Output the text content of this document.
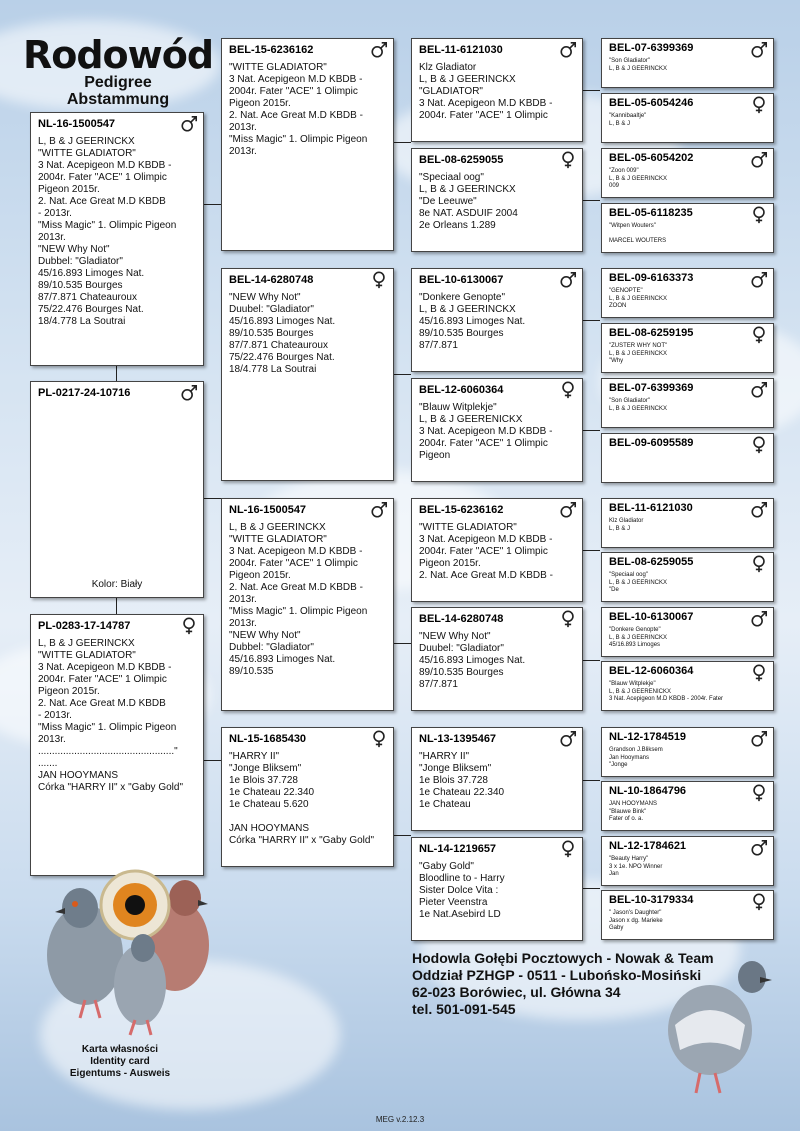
Rodowód
Pedigree
Abstammung
NL-16-1500547
L, B & J GEERINCKX
"WITTE GLADIATOR"
3 Nat. Acepigeon M.D KBDB -
2004r. Fater "ACE" 1 Olimpic
Pigeon 2015r.
2. Nat. Ace Great M.D KBDB
- 2013r.
"Miss Magic" 1. Olimpic Pigeon
2013r.
"NEW Why Not"
Dubbel: "Gladiator"
45/16.893 Limoges Nat.
89/10.535 Bourges
87/7.871 Chateauroux
75/22.476 Bourges Nat.
18/4.778 La Soutrai
PL-0217-24-10716
Kolor: Biały
PL-0283-17-14787
L, B & J GEERINCKX
"WITTE GLADIATOR"
3 Nat. Acepigeon M.D KBDB -
2004r. Fater "ACE" 1 Olimpic
Pigeon 2015r.
2. Nat. Ace Great M.D KBDB
- 2013r.
"Miss Magic" 1. Olimpic Pigeon
2013r.
................................................."
.......
JAN HOOYMANS
Córka "HARRY II" x "Gaby Gold"
BEL-15-6236162
"WITTE GLADIATOR"
3 Nat. Acepigeon M.D KBDB -
2004r. Fater "ACE" 1 Olimpic
Pigeon 2015r.
2. Nat. Ace Great M.D KBDB -
2013r.
"Miss Magic" 1. Olimpic Pigeon
2013r.
BEL-14-6280748
"NEW Why Not"
Duubel: "Gladiator"
45/16.893 Limoges Nat.
89/10.535 Bourges
87/7.871 Chateauroux
75/22.476 Bourges Nat.
18/4.778 La Soutrai
NL-16-1500547
L, B & J GEERINCKX
"WITTE GLADIATOR"
3 Nat. Acepigeon M.D KBDB -
2004r. Fater "ACE" 1 Olimpic
Pigeon 2015r.
2. Nat. Ace Great M.D KBDB -
2013r.
"Miss Magic" 1. Olimpic Pigeon
2013r.
"NEW Why Not"
Dubbel: "Gladiator"
45/16.893 Limoges Nat.
89/10.535
NL-15-1685430
"HARRY II"
"Jonge Bliksem"
1e Blois 37.728
1e Chateau 22.340
1e Chateau 5.620

JAN HOOYMANS
Córka "HARRY II" x "Gaby Gold"
BEL-11-6121030
Klz Gladiator
L, B & J GEERINCKX
"GLADIATOR"
3 Nat. Acepigeon M.D KBDB -
2004r. Fater "ACE" 1 Olimpic
BEL-08-6259055
"Speciaal oog"
L, B & J GEERINCKX
"De Leeuwe"
8e NAT. ASDUIF 2004
2e Orleans 1.289
BEL-10-6130067
"Donkere Genopte"
L, B & J GEERINCKX
45/16.893 Limoges Nat.
89/10.535 Bourges
87/7.871
BEL-12-6060364
"Blauw Witplekje"
L, B & J GEERENICKX
3 Nat. Acepigeon M.D KBDB -
2004r. Fater "ACE" 1 Olimpic
Pigeon
BEL-15-6236162
"WITTE GLADIATOR"
3 Nat. Acepigeon M.D KBDB -
2004r. Fater "ACE" 1 Olimpic
Pigeon 2015r.
2. Nat. Ace Great M.D KBDB -
BEL-14-6280748
"NEW Why Not"
Duubel: "Gladiator"
45/16.893 Limoges Nat.
89/10.535 Bourges
87/7.871
NL-13-1395467
"HARRY II"
"Jonge Bliksem"
1e Blois 37.728
1e Chateau 22.340
1e Chateau
NL-14-1219657
"Gaby Gold"
Bloodline to - Harry
Sister Dolce Vita :
Pieter Veenstra
1e Nat.Asebird LD
BEL-07-6399369
"Son Gladiator"
L, B & J GEERINCKX
BEL-05-6054246
"Kannibaaltje"
L, B & J
BEL-05-6054202
"Zoon 009"
L, B & J GEERINCKX
009
BEL-05-6118235
"Witpen Wouters"

MARCEL WOUTERS
BEL-09-6163373
"GENOPTE"
L, B & J GEERINCKX
ZOON
BEL-08-6259195
"ZUSTER WHY NOT"
L, B & J GEERINCKX
"Why
BEL-07-6399369
"Son Gladiator"
L, B & J GEERINCKX
BEL-09-6095589
BEL-11-6121030
Klz Gladiator
L, B & J
BEL-08-6259055
"Speciaal oog"
L, B & J GEERINCKX
"De
BEL-10-6130067
"Donkere Genopte"
L, B & J GEERINCKX
45/16.893 Limoges
BEL-12-6060364
"Blauw Witplekje"
L, B & J GEERENICKX
3 Nat. Acepigeon M.D KBDB - 2004r. Fater
NL-12-1784519
Grandson J.Bliksem
Jan Hooymans
"Jonge
NL-10-1864796
JAN HOOYMANS
"Blauwe Bink"
Fater of o. a.
NL-12-1784621
"Beauty Harry"
3 x 1e. NPO Winner
Jan
BEL-10-3179334
" Jason's Daughter"
Jason x dg. Marieke
Gaby
Hodowla Gołębi Pocztowych - Nowak & Team
Oddział PZHGP - 0511 - Lubońsko-Mosiński
62-023 Borówiec, ul. Główna 34
tel. 501-091-545
Karta własności
Identity card
Eigentums - Ausweis
MEG v.2.12.3
